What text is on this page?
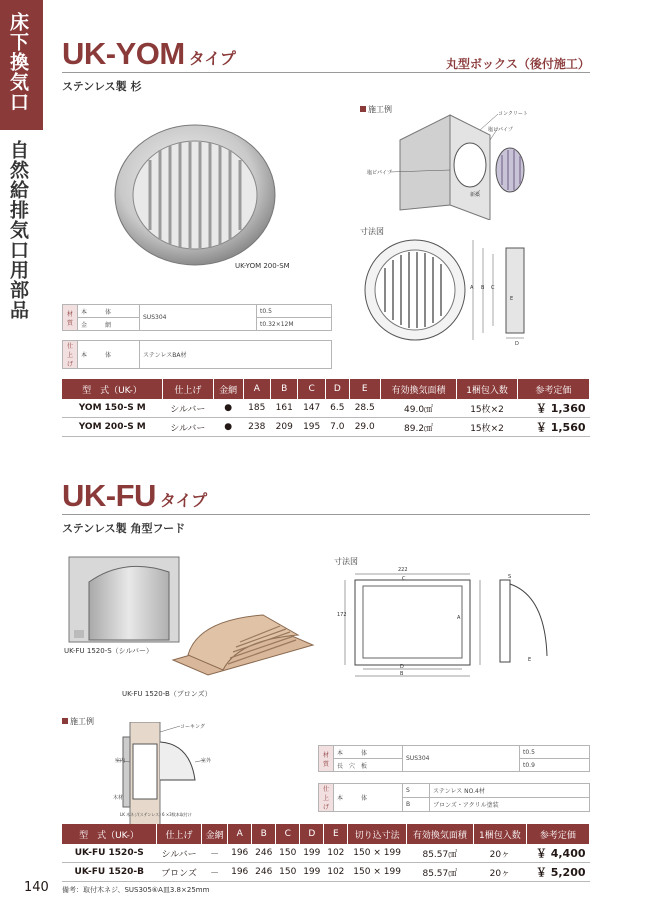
床下換気口
自然給排気口用部品
UK-YOM タイプ
ステンレス製 杉
丸型ボックス（後付施工）
UK-YOM 200-SM
施工例	コンクリート
塩ビパイプ
塩ビパイプ
新築
寸法図
A B C
E
D
材質	本　　　体	SUS304	t0.5
	金　　　網		t0.32×12M
仕上げ	本　　　体	ステンレスBA材
型　式（UK-）	仕上げ	金網	A	B	C	D	E	有効換気面積	1梱包入数	参考定価
YOM 150-S M	シルバー	●	185	161	147	6.5	28.5	49.0㎠	15枚×2	￥ 1,360
YOM 200-S M	シルバー	●	238	209	195	7.0	29.0	89.2㎠	15枚×2	￥ 1,560
UK-FU タイプ
ステンレス製 角型フード
UK-FU 1520-S（シルバー）
UK-FU 1520-B（ブロンズ）
寸法図
222
172
C
A
D
B
E
S
施工例
コーキング
室外
室内
木材
LK 木ネジ(ステンレス) 6 ×3数本取付け
材質	本　　　体	SUS304	t0.5
	長　穴　板		t0.9
仕上げ	本　　　体	S	ステンレス NO.4材
		B	ブロンズ・アクリル塗装
型　式（UK-）	仕上げ	金網	A	B	C	D	E	切り込寸法	有効換気面積	1梱包入数	参考定価
UK-FU 1520-S	シルバー	－	196	246	150	199	102	150 × 199	85.57㎠	20ヶ	￥ 4,400
UK-FU 1520-B	ブロンズ	－	196	246	150	199	102	150 × 199	85.57㎠	20ヶ	￥ 5,200
備考：取付木ネジ、SUS305⑥A皿3.8×25mm
140
